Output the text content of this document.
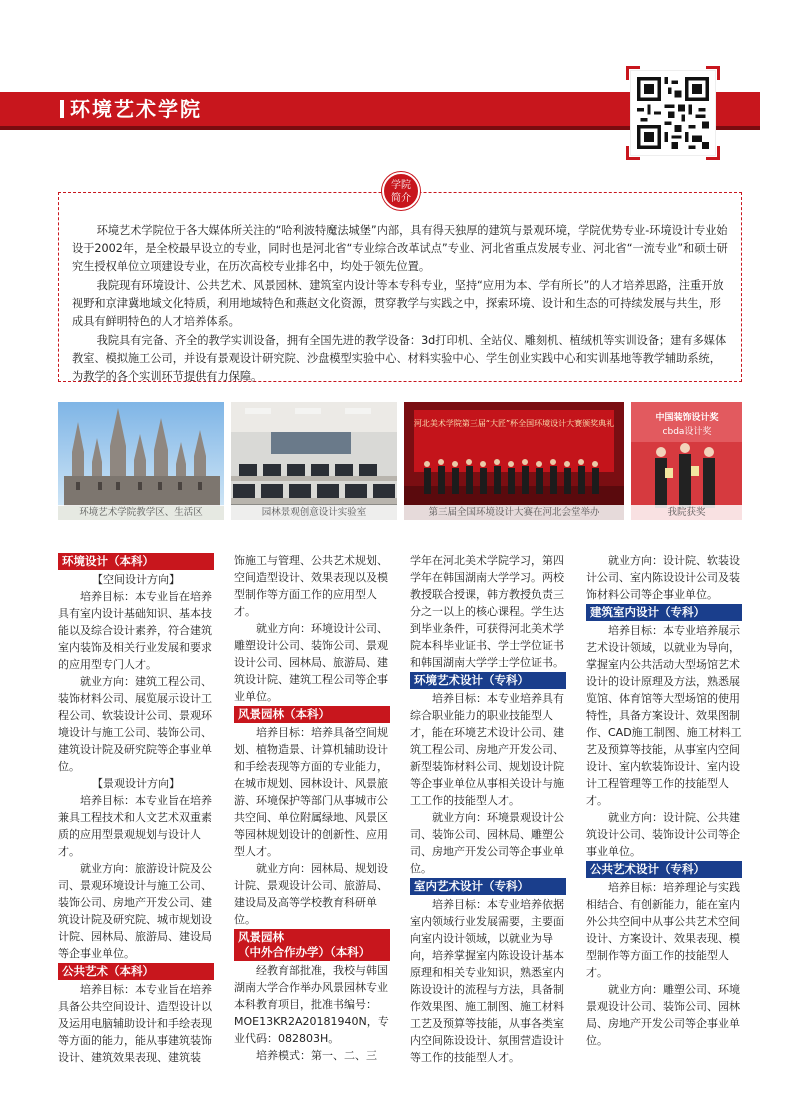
环境艺术学院
学院
简介

环境艺术学院位于各大媒体所关注的“哈利波特魔法城堡”内部，具有得天独厚的建筑与景观环境，学院优势专业-环境设计专业始设于2002年，是全校最早设立的专业，同时也是河北省“专业综合改革试点”专业、河北省重点发展专业、河北省“一流专业”和硕士研究生授权单位立项建设专业，在历次高校专业排名中，均处于领先位置。

我院现有环境设计、公共艺术、风景园林、建筑室内设计等本专科专业，坚持“应用为本、学有所长”的人才培养思路，注重开放视野和京津冀地域文化特质，利用地域特色和燕赵文化资源，贯穿教学与实践之中，探索环境、设计和生态的可持续发展与共生，形成具有鲜明特色的人才培养体系。

我院具有完备、齐全的教学实训设备，拥有全国先进的教学设备：3d打印机、全站仪、雕刻机、植绒机等实训设备；建有多媒体教室、模拟施工公司，并设有景观设计研究院、沙盘模型实验中心、材料实验中心、学生创业实践中心和实训基地等教学辅助系统，为教学的各个实训环节提供有力保障。

环境艺术学院教学区、生活区	园林景观创意设计实验室
河北美术学院第三届“大匠”杯全国环境设计大赛颁奖典礼
第三届全国环境设计大赛在河北会堂举办
中国装饰设计奖
cbda设计奖
我院获奖
环境设计（本科）

【空间设计方向】

培养目标：本专业旨在培养具有室内设计基础知识、基本技能以及综合设计素养，符合建筑室内装饰及相关行业发展和要求的应用型专门人才。

就业方向：建筑工程公司、装饰材料公司、展览展示设计工程公司、软装设计公司、景观环境设计与施工公司、装饰公司、建筑设计院及研究院等企事业单位。

【景观设计方向】

培养目标：本专业旨在培养兼具工程技术和人文艺术双重素质的应用型景观规划与设计人才。

就业方向：旅游设计院及公司、景观环境设计与施工公司、装饰公司、房地产开发公司、建筑设计院及研究院、城市规划设计院、园林局、旅游局、建设局等企事业单位。

公共艺术（本科）

培养目标：本专业旨在培养具备公共空间设计、造型设计以及运用电脑辅助设计和手绘表现等方面的能力，能从事建筑装饰设计、建筑效果表现、建筑装

饰施工与管理、公共艺术规划、空间造型设计、效果表现以及模型制作等方面工作的应用型人才。

就业方向：环境设计公司、雕塑设计公司、装饰公司、景观设计公司、园林局、旅游局、建筑设计院、建筑工程公司等企事业单位。

风景园林（本科）

培养目标：培养具备空间规划、植物造景、计算机辅助设计和手绘表现等方面的专业能力，在城市规划、园林设计、风景旅游、环境保护等部门从事城市公共空间、单位附属绿地、风景区等园林规划设计的创新性、应用型人才。

就业方向：园林局、规划设计院、景观设计公司、旅游局、建设局及高等学校教育科研单位。

风景园林
（中外合作办学）（本科）

经教育部批准，我校与韩国湖南大学合作举办风景园林专业本科教育项目，批准书编号：MOE13KR2A20181940N，专业代码：082803H。

培养模式：第一、二、三

学年在河北美术学院学习，第四学年在韩国湖南大学学习。两校教授联合授课，韩方教授负责三分之一以上的核心课程。学生达到毕业条件，可获得河北美术学院本科毕业证书、学士学位证书和韩国湖南大学学士学位证书。
环境艺术设计（专科）

培养目标：本专业培养具有综合职业能力的职业技能型人才，能在环境艺术设计公司、建筑工程公司、房地产开发公司、新型装饰材料公司、规划设计院等企事业单位从事相关设计与施工工作的技能型人才。

就业方向：环境景观设计公司、装饰公司、园林局、雕塑公司、房地产开发公司等企事业单位。

室内艺术设计（专科）

培养目标：本专业培养依据室内领域行业发展需要，主要面向室内设计领域，以就业为导向，培养掌握室内陈设设计基本原理和相关专业知识，熟悉室内陈设设计的流程与方法，具备制作效果图、施工制图、施工材料工艺及预算等技能，从事各类室内空间陈设设计、氛围营造设计等工作的技能型人才。

就业方向：设计院、软装设计公司、室内陈设设计公司及装饰材料公司等企事业单位。

建筑室内设计（专科）

培养目标：本专业培养展示艺术设计领域，以就业为导向，掌握室内公共活动大型场馆艺术设计的设计原理及方法，熟悉展览馆、体育馆等大型场馆的使用特性，具备方案设计、效果图制作、CAD施工制图、施工材料工艺及预算等技能，从事室内空间设计、室内软装饰设计、室内设计工程管理等工作的技能型人才。

就业方向：设计院、公共建筑设计公司、装饰设计公司等企事业单位。

公共艺术设计（专科）

培养目标：培养理论与实践相结合、有创新能力，能在室内外公共空间中从事公共艺术空间设计、方案设计、效果表现、模型制作等方面工作的技能型人才。

就业方向：雕塑公司、环境景观设计公司、装饰公司、园林局、房地产开发公司等企事业单位。
